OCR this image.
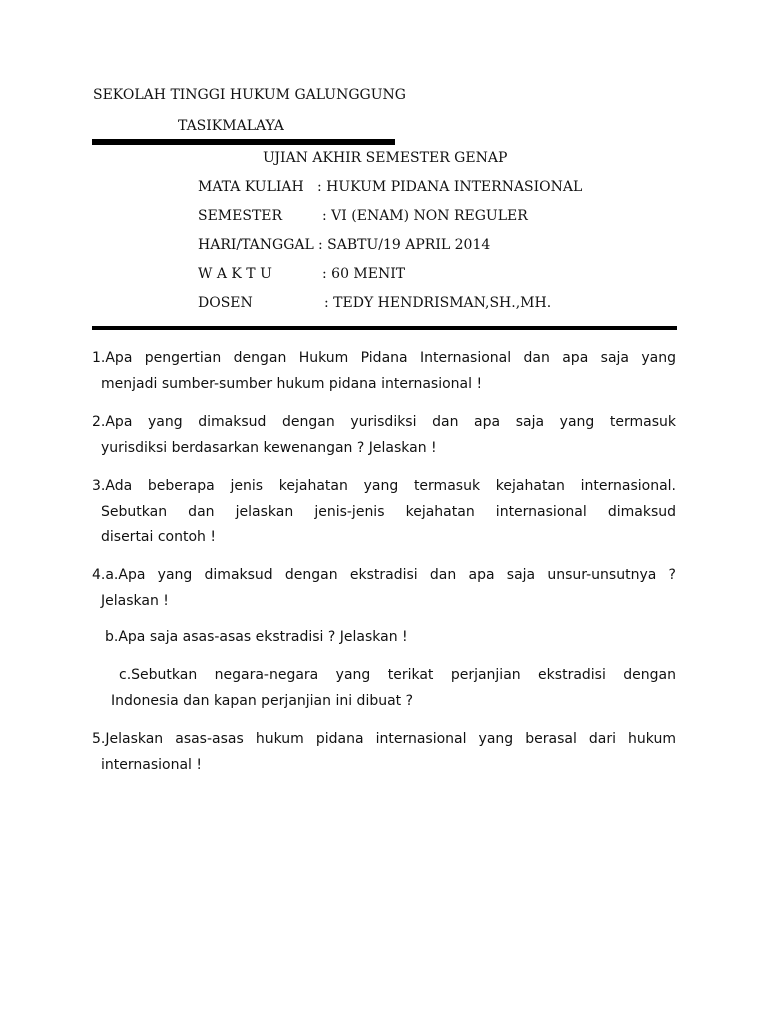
SEKOLAH TINGGI HUKUM GALUNGGUNG
TASIKMALAYA
UJIAN AKHIR SEMESTER GENAP
MATA KULIAH : HUKUM PIDANA INTERNASIONAL
SEMESTER	: VI (ENAM) NON REGULER
HARI/TANGGAL : SABTU/19 APRIL 2014
W A K T U	: 60 MENIT
DOSEN	: TEDY HENDRISMAN,SH.,MH.
1.Apa pengertian dengan Hukum Pidana Internasional dan apa saja yang
menjadi sumber-sumber hukum pidana internasional !
2.Apa yang dimaksud dengan yurisdiksi dan apa saja yang termasuk
yurisdiksi berdasarkan kewenangan ? Jelaskan !
3.Ada beberapa jenis kejahatan yang termasuk kejahatan internasional.
Sebutkan dan jelaskan jenis-jenis kejahatan internasional dimaksud
disertai contoh !
4.a.Apa yang dimaksud dengan ekstradisi dan apa saja unsur-unsutnya ?
Jelaskan !
b.Apa saja asas-asas ekstradisi ? Jelaskan !
c.Sebutkan negara-negara yang terikat perjanjian ekstradisi dengan
Indonesia dan kapan perjanjian ini dibuat ?
5.Jelaskan asas-asas hukum pidana internasional yang berasal dari hukum
internasional !
